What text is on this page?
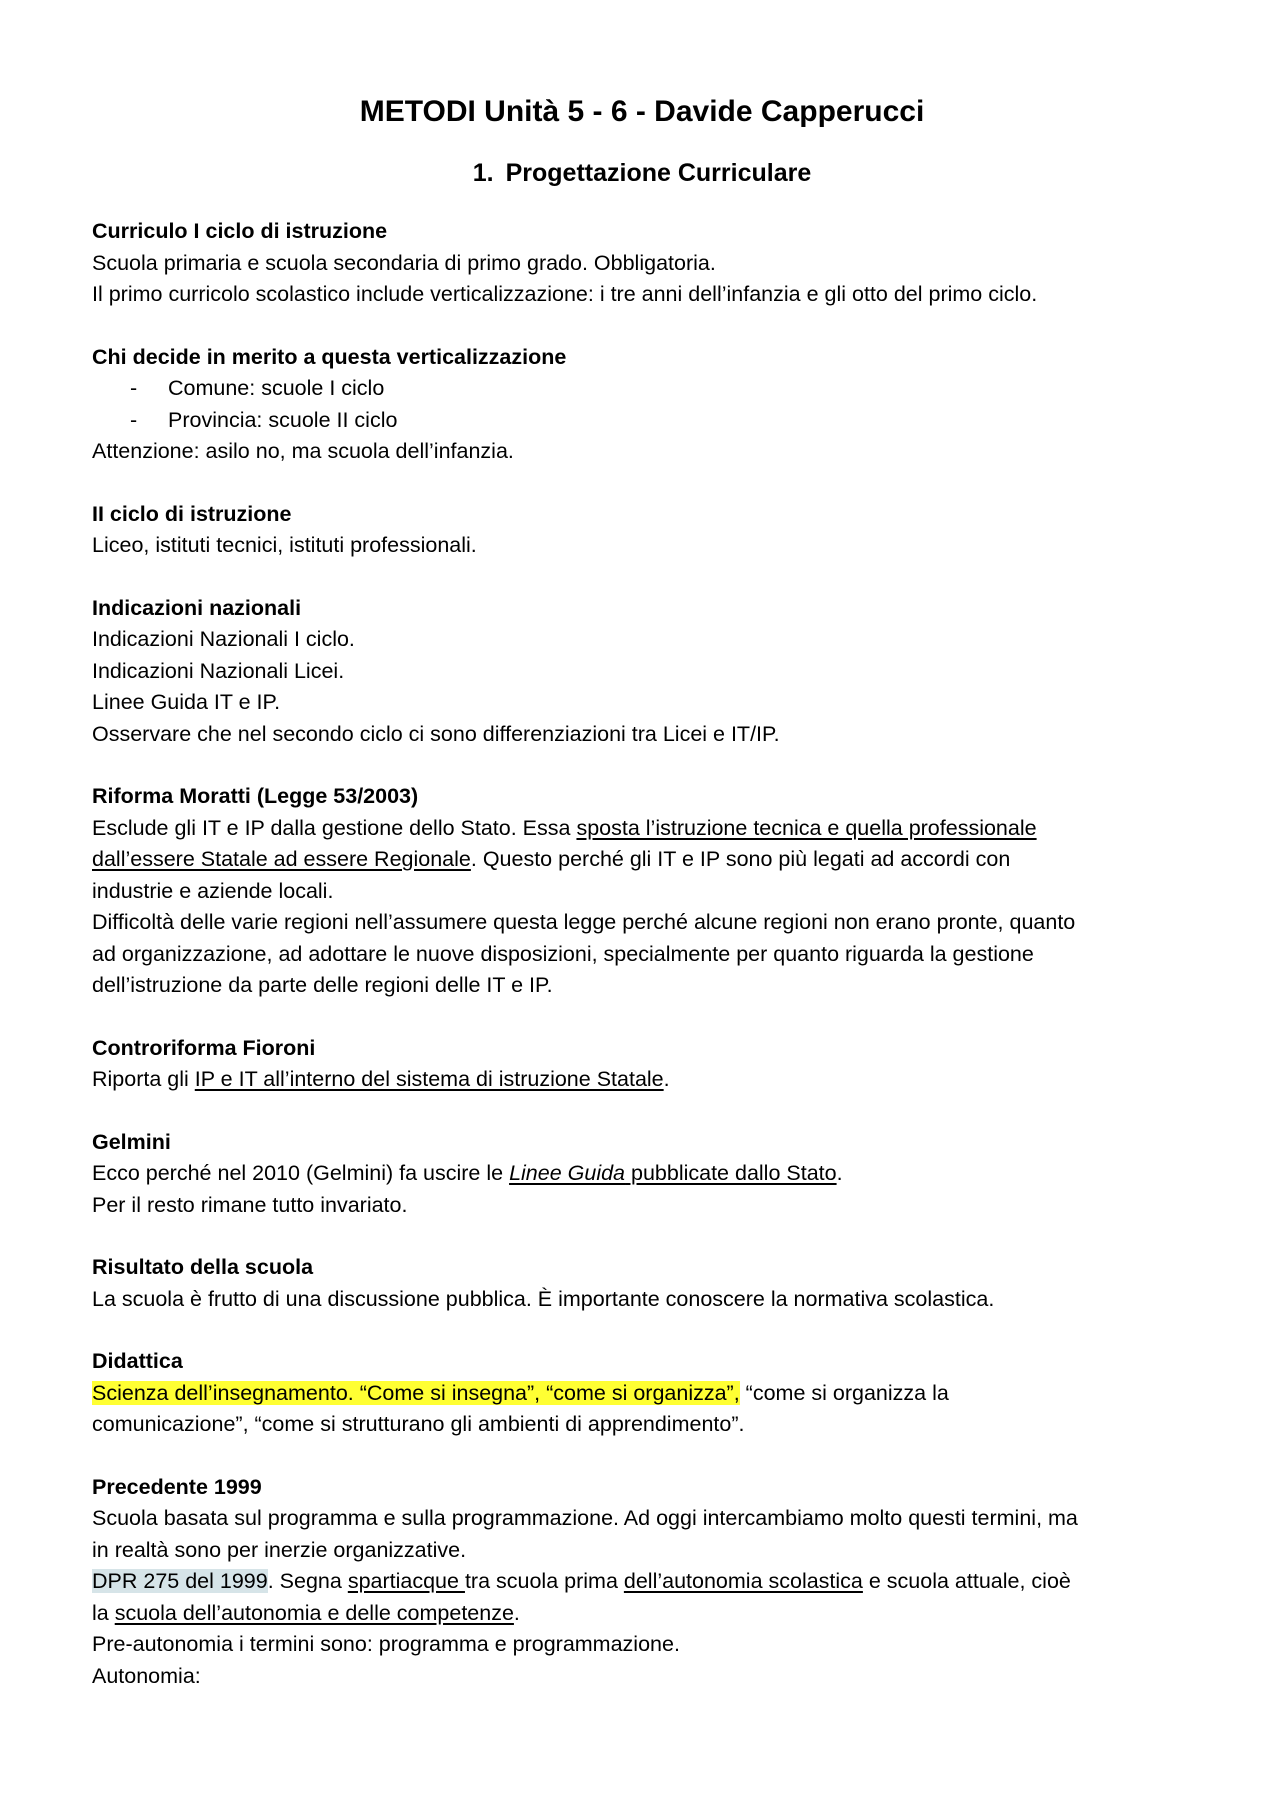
METODI Unità 5 - 6 - Davide Capperucci
1. Progettazione Curriculare

Curriculo I ciclo di istruzione

Scuola primaria e scuola secondaria di primo grado. Obbligatoria.

Il primo curricolo scolastico include verticalizzazione: i tre anni dell’infanzia e gli otto del primo ciclo.

Chi decide in merito a questa verticalizzazione

- Comune: scuole I ciclo

- Provincia: scuole II ciclo

Attenzione: asilo no, ma scuola dell’infanzia.

II ciclo di istruzione

Liceo, istituti tecnici, istituti professionali.

Indicazioni nazionali

Indicazioni Nazionali I ciclo.

Indicazioni Nazionali Licei.

Linee Guida IT e IP.

Osservare che nel secondo ciclo ci sono differenziazioni tra Licei e IT/IP.

Riforma Moratti (Legge 53/2003)

Esclude gli IT e IP dalla gestione dello Stato. Essa sposta l’istruzione tecnica e quella professionale

dall’essere Statale ad essere Regionale. Questo perché gli IT e IP sono più legati ad accordi con

industrie e aziende locali.

Difficoltà delle varie regioni nell’assumere questa legge perché alcune regioni non erano pronte, quanto

ad organizzazione, ad adottare le nuove disposizioni, specialmente per quanto riguarda la gestione

dell’istruzione da parte delle regioni delle IT e IP.

Controriforma Fioroni

Riporta gli IP e IT all’interno del sistema di istruzione Statale.

Gelmini

Ecco perché nel 2010 (Gelmini) fa uscire le Linee Guida pubblicate dallo Stato.

Per il resto rimane tutto invariato.

Risultato della scuola

La scuola è frutto di una discussione pubblica. È importante conoscere la normativa scolastica.

Didattica

Scienza dell’insegnamento. “Come si insegna”, “come si organizza”, “come si organizza la

comunicazione”, “come si strutturano gli ambienti di apprendimento”.

Precedente 1999

Scuola basata sul programma e sulla programmazione. Ad oggi intercambiamo molto questi termini, ma

in realtà sono per inerzie organizzative.

DPR 275 del 1999. Segna spartiacque tra scuola prima dell’autonomia scolastica e scuola attuale, cioè

la scuola dell’autonomia e delle competenze.

Pre-autonomia i termini sono: programma e programmazione.

Autonomia:
